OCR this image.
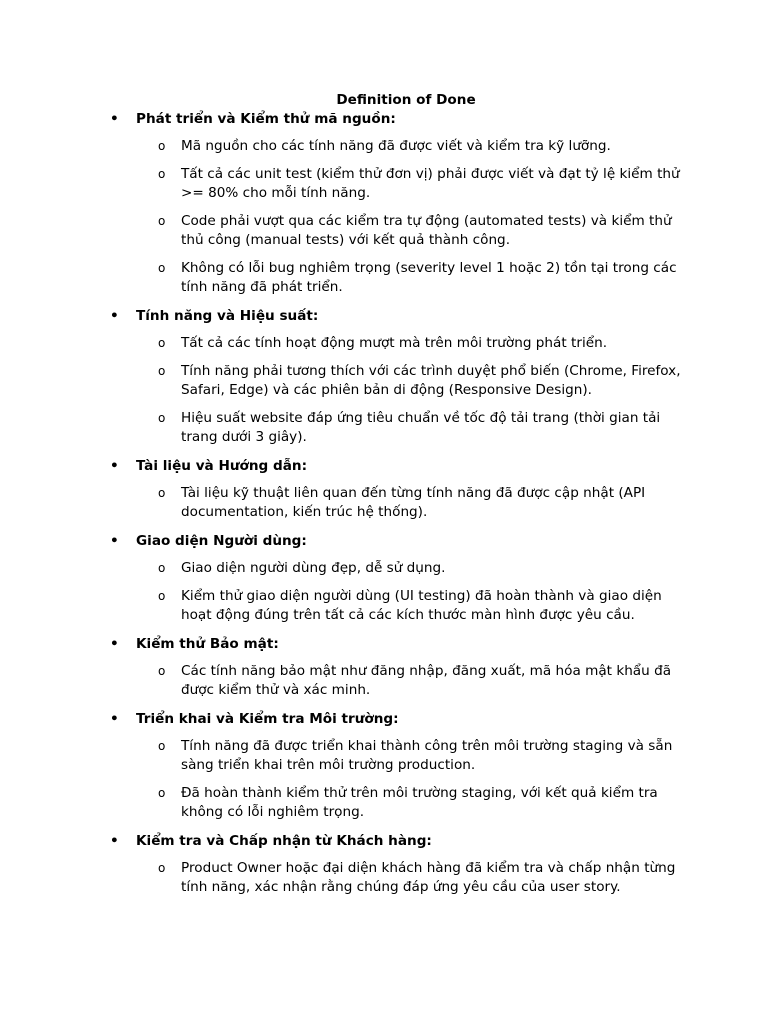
Definition of Done
•	Phát triển và Kiểm thử mã nguồn:
o Mã nguồn cho các tính năng đã được viết và kiểm tra kỹ lưỡng.
o Tất cả các unit test (kiểm thử đơn vị) phải được viết và đạt tỷ lệ kiểm thử >= 80% cho mỗi tính năng.
o Code phải vượt qua các kiểm tra tự động (automated tests) và kiểm thử thủ công (manual tests) với kết quả thành công.
o Không có lỗi bug nghiêm trọng (severity level 1 hoặc 2) tồn tại trong các tính năng đã phát triển.
•	Tính năng và Hiệu suất:
o Tất cả các tính hoạt động mượt mà trên môi trường phát triển.
o Tính năng phải tương thích với các trình duyệt phổ biến (Chrome, Firefox, Safari, Edge) và các phiên bản di động (Responsive Design).
o Hiệu suất website đáp ứng tiêu chuẩn về tốc độ tải trang (thời gian tải trang dưới 3 giây).
•	Tài liệu và Hướng dẫn:
o Tài liệu kỹ thuật liên quan đến từng tính năng đã được cập nhật (API documentation, kiến trúc hệ thống).
•	Giao diện Người dùng:
o Giao diện người dùng đẹp, dễ sử dụng.
o Kiểm thử giao diện người dùng (UI testing) đã hoàn thành và giao diện hoạt động đúng trên tất cả các kích thước màn hình được yêu cầu.
•	Kiểm thử Bảo mật:
o Các tính năng bảo mật như đăng nhập, đăng xuất, mã hóa mật khẩu đã được kiểm thử và xác minh.
•	Triển khai và Kiểm tra Môi trường:
o Tính năng đã được triển khai thành công trên môi trường staging và sẵn sàng triển khai trên môi trường production.
o Đã hoàn thành kiểm thử trên môi trường staging, với kết quả kiểm tra không có lỗi nghiêm trọng.
•	Kiểm tra và Chấp nhận từ Khách hàng:
o Product Owner hoặc đại diện khách hàng đã kiểm tra và chấp nhận từng tính năng, xác nhận rằng chúng đáp ứng yêu cầu của user story.
